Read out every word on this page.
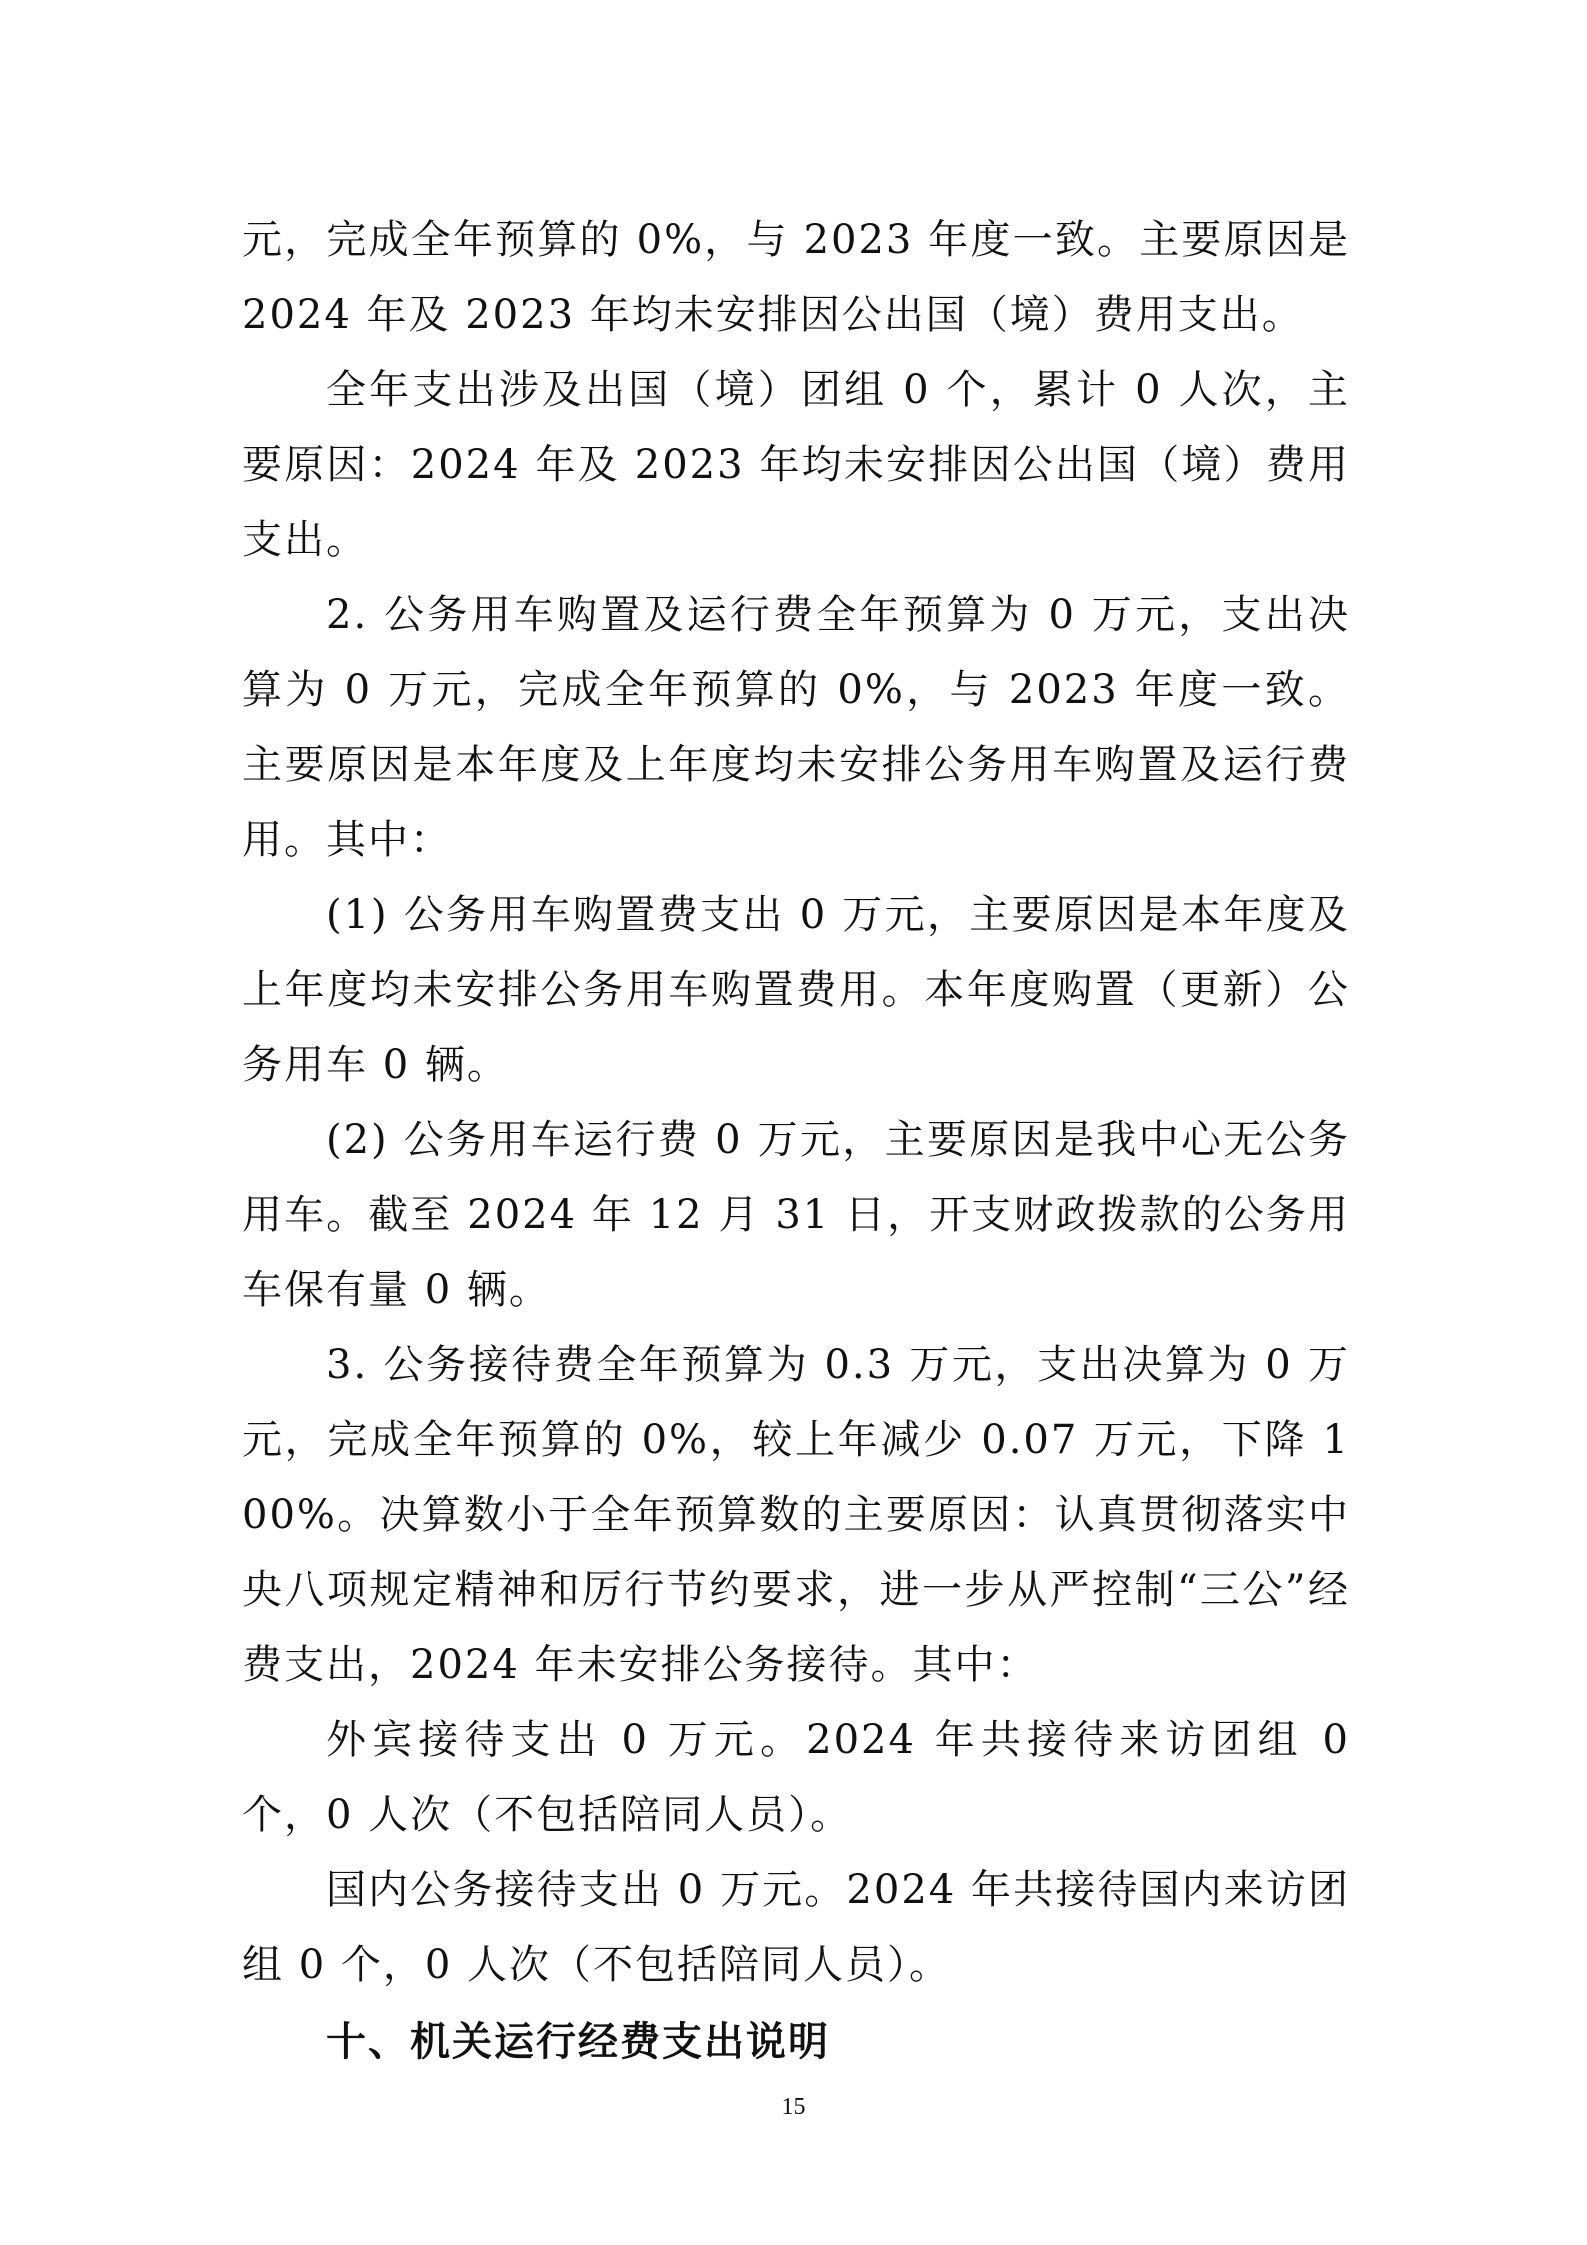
元，完成全年预算的 0%，与 2023 年度一致。主要原因是 2024 年及 2023 年均未安排因公出国（境）费用支出。

全年支出涉及出国（境）团组 0 个，累计 0 人次，主要原因：2024 年及 2023 年均未安排因公出国（境）费用支出。

2. 公务用车购置及运行费全年预算为 0 万元，支出决算为 0 万元，完成全年预算的 0%，与 2023 年度一致。主要原因是本年度及上年度均未安排公务用车购置及运行费用。其中：

(1) 公务用车购置费支出 0 万元，主要原因是本年度及上年度均未安排公务用车购置费用。本年度购置（更新）公务用车 0 辆。

(2) 公务用车运行费 0 万元，主要原因是我中心无公务用车。截至 2024 年 12 月 31 日，开支财政拨款的公务用车保有量 0 辆。

3. 公务接待费全年预算为 0.3 万元，支出决算为 0 万元，完成全年预算的 0%，较上年减少 0.07 万元，下降 100%。决算数小于全年预算数的主要原因：认真贯彻落实中央八项规定精神和厉行节约要求，进一步从严控制“三公”经费支出，2024 年未安排公务接待。其中：

外宾接待支出 0 万元。2024 年共接待来访团组 0 个，0 人次（不包括陪同人员）。

国内公务接待支出 0 万元。2024 年共接待国内来访团组 0 个，0 人次（不包括陪同人员）。

十、机关运行经费支出说明
15
